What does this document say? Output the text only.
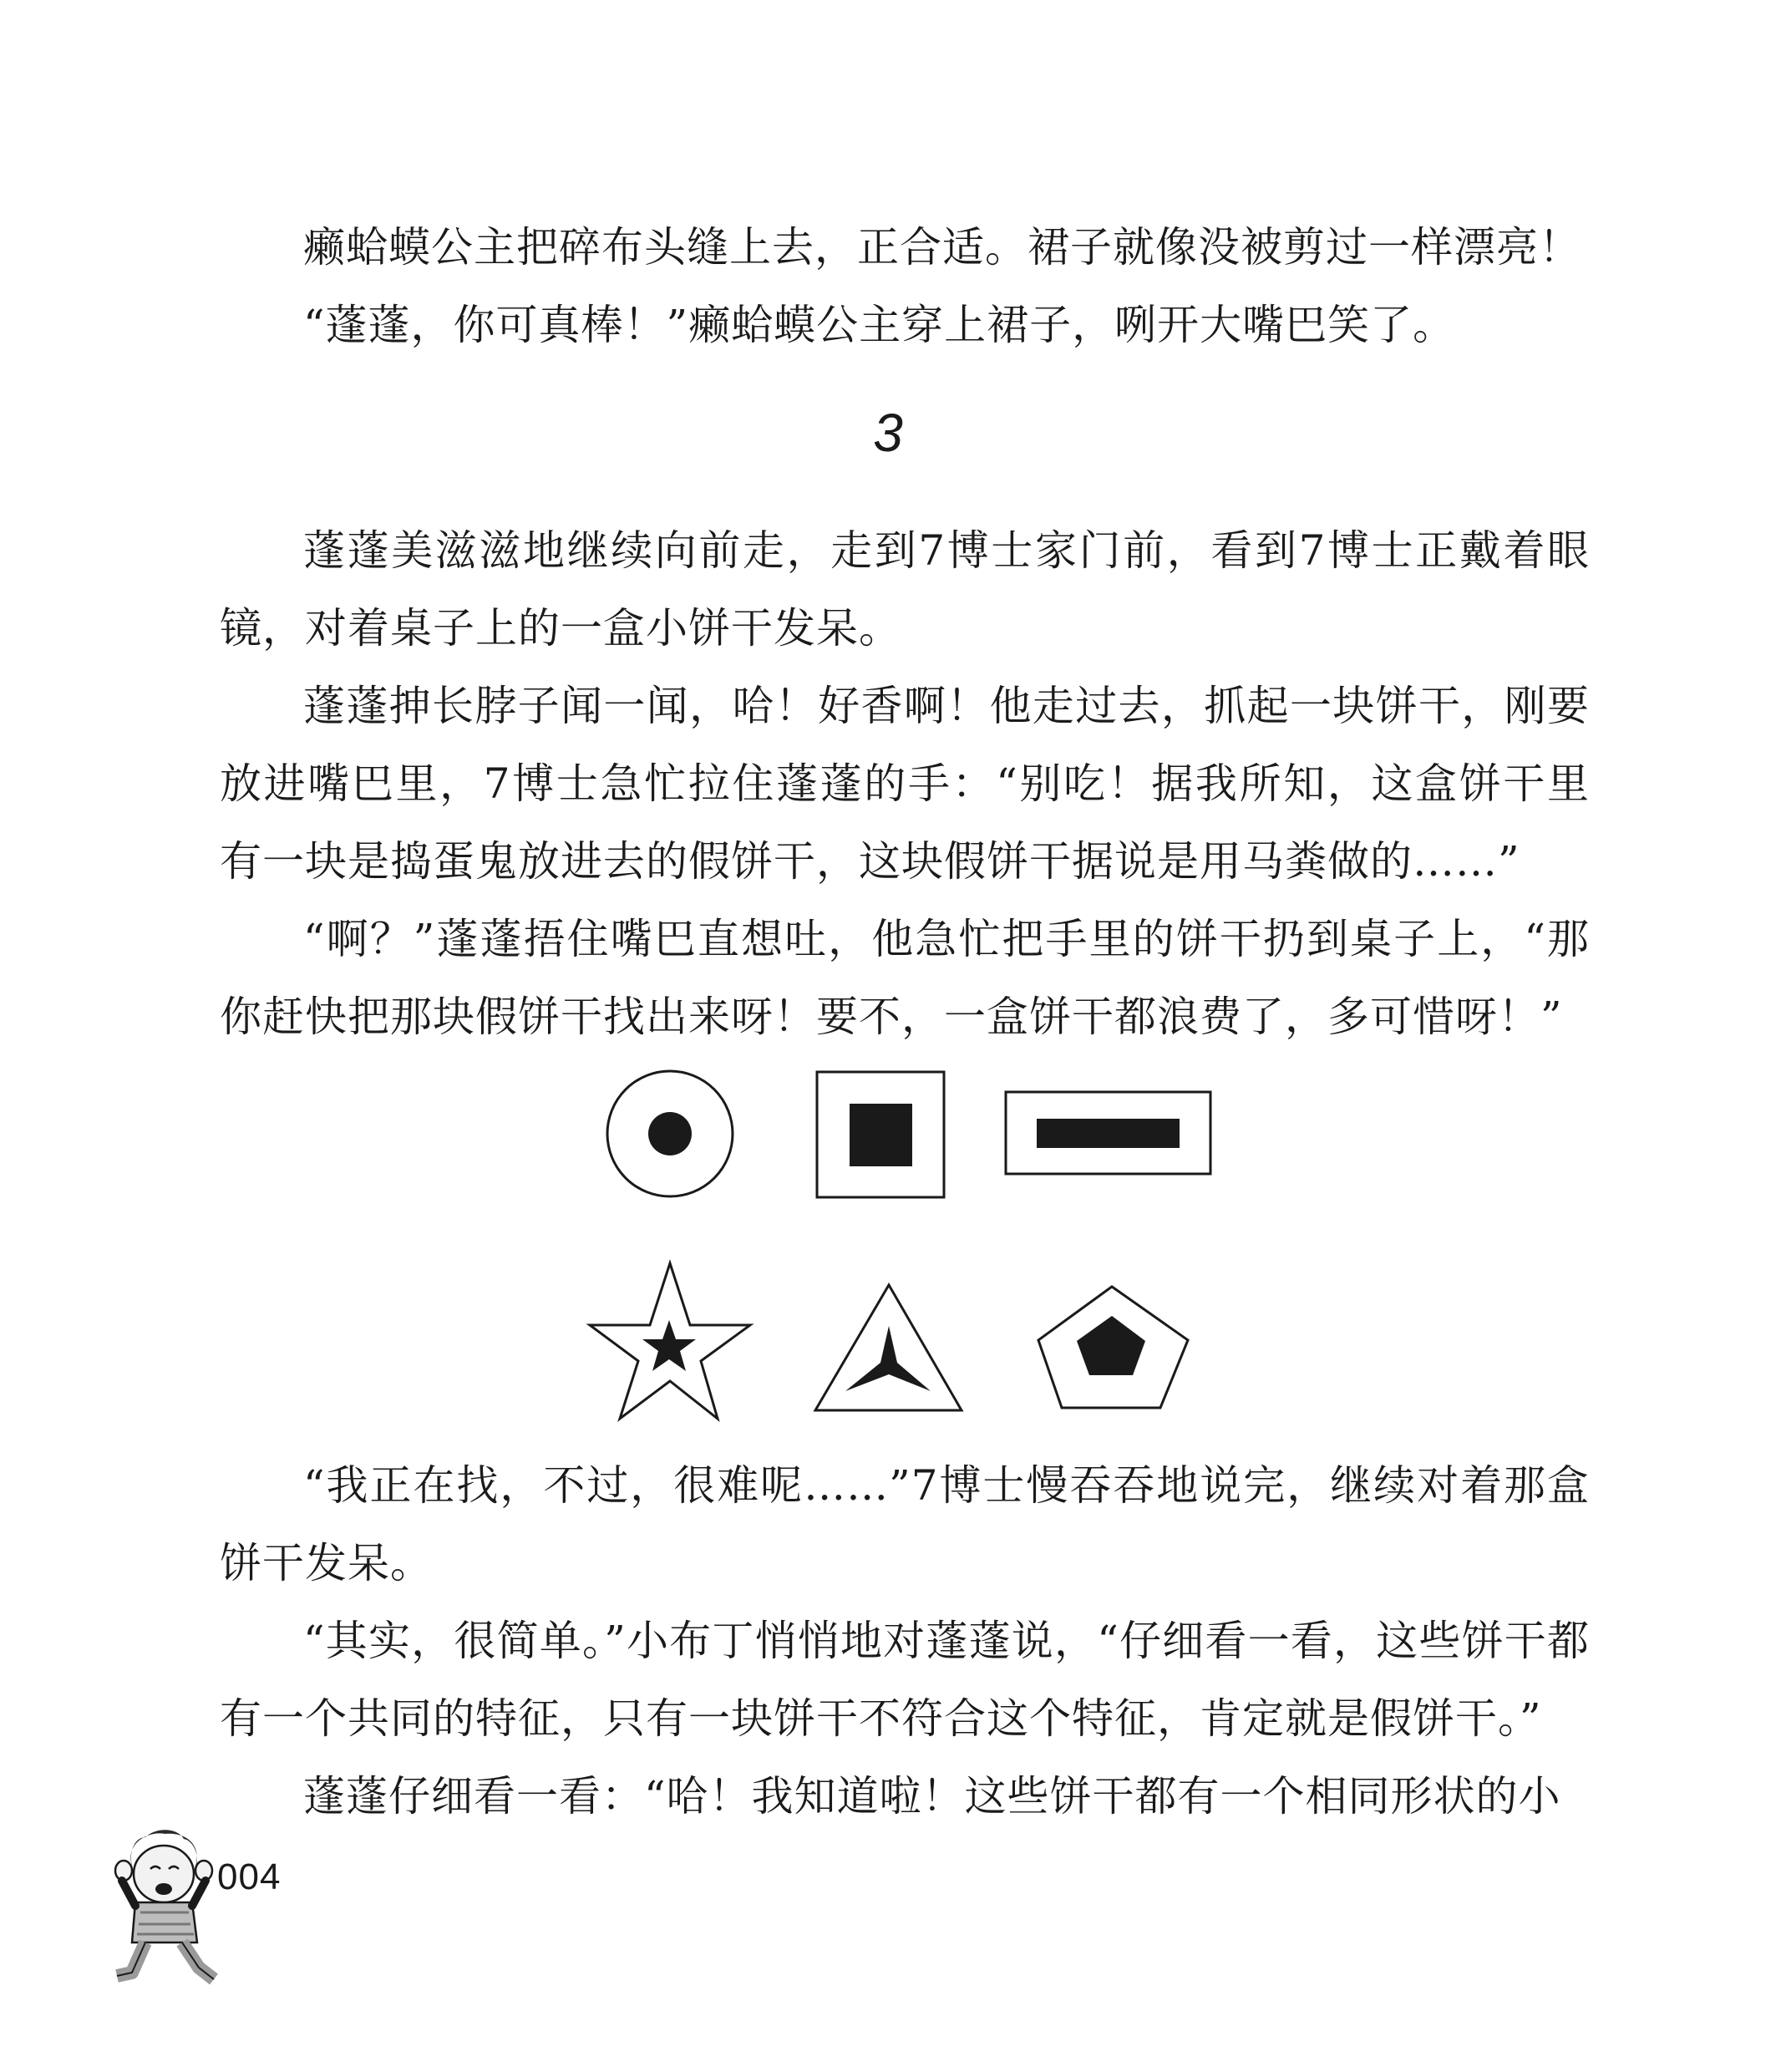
癞蛤蟆公主把碎布头缝上去，正合适。裙子就像没被剪过一样漂亮！

“蓬蓬，你可真棒！”癞蛤蟆公主穿上裙子，咧开大嘴巴笑了。

3

蓬蓬美滋滋地继续向前走，走到7博士家门前，看到7博士正戴着眼镜，对着桌子上的一盒小饼干发呆。

蓬蓬抻长脖子闻一闻，哈！好香啊！他走过去，抓起一块饼干，刚要放进嘴巴里，7博士急忙拉住蓬蓬的手：“别吃！据我所知，这盒饼干里有一块是捣蛋鬼放进去的假饼干，这块假饼干据说是用马粪做的……”

“啊？”蓬蓬捂住嘴巴直想吐，他急忙把手里的饼干扔到桌子上，“那你赶快把那块假饼干找出来呀！要不，一盒饼干都浪费了，多可惜呀！”

“我正在找，不过，很难呢……”7博士慢吞吞地说完，继续对着那盒饼干发呆。

“其实，很简单。”小布丁悄悄地对蓬蓬说，“仔细看一看，这些饼干都有一个共同的特征，只有一块饼干不符合这个特征，肯定就是假饼干。”

蓬蓬仔细看一看：“哈！我知道啦！这些饼干都有一个相同形状的小

004
